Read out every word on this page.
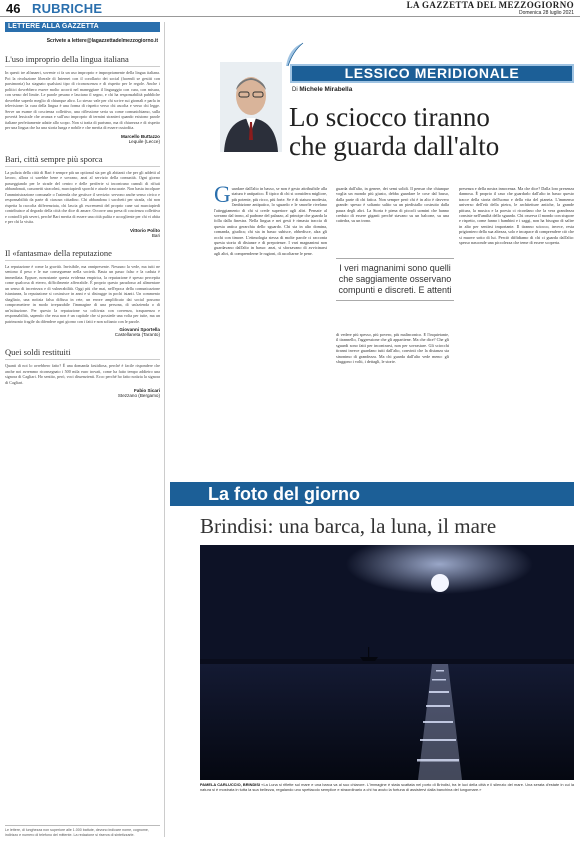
46 RUBRICHE	LA GAZZETTA DEL MEZZOGIORNO
Domenica 28 luglio 2021
LETTERE ALLA GAZZETTA
Scrivete a lettere@lagazzettadelmezzogiorno.it
L'uso improprio della lingua italiana
In questi tre alfanaeri, sovente ci fa un uso improprio e impropriamente della lingua italiana. Poi la rivoluzione liberale di Internet con il corollario dei social (facendi se gestiti con parsimonia) ha stagnato qualsiasi tipo di riconoscenza e di rispetto per le regole. Anche i politici dovrebbero essere molto accorti nel maneggiare il linguaggio con cura, con misura, con senso del limite. Le parole pesano e lasciano il segno, e chi ha responsabilità pubbliche dovrebbe saperlo meglio di chiunque altro. Lo stesso vale per chi scrive sui giornali e parla in televisione: la cura della lingua è una forma di rispetto verso chi ascolta e verso chi legge. Serve un esame di coscienza collettivo, una riflessione seria su come comunichiamo, sulla povertà lessicale che avanza e sull'uso improprio di termini stranieri quando esistono parole italiane perfettamente adatte allo scopo. Non si tratta di purismo, ma di chiarezza e di rispetto per una lingua che ha una storia lunga e nobile e che merita di essere custodita.
Marcello Buttazzo
Lequile (Lecce)
Bari, città sempre più sporca
La pulizia della città di Bari è sempre più un optional sia per gli abitanti che per gli addetti al lavoro, allora ci sarebbe bene e sovrano, anzi al servizio della comunità. Ogni giorno passeggiando per le strade del centro e delle periferie si incontrano cumuli di rifiuti abbandonati, cassonetti stracolmi, marciapiedi sporchi e aiuole trascurate. Non basta incolpare l'amministrazione comunale o l'azienda che gestisce il servizio: servono anche senso civico e responsabilità da parte di ciascun cittadino. Chi abbandona i sacchetti per strada, chi non rispetta la raccolta differenziata, chi lascia gli escrementi del proprio cane sui marciapiedi contribuisce al degrado della città che dice di amare. Occorre una presa di coscienza collettiva e controlli più severi, perché Bari merita di essere una città pulita e accogliente per chi vi abita e per chi la visita.
Vittorio Polito
Bari
Il «fantasma» della reputazione
La reputazione è come la gravità. Invisibile, ma onnipresente. Nessuno la vede, ma tutti ne sentono il peso e le sue conseguenze nella società. Basta un passo falso e la caduta è immediata. Eppure, nonostante questa evidenza empirica, la reputazione è spesso percepita come qualcosa di etereo, difficilmente afferrabile. È proprio questo paradosso ad alimentare un senso di incertezza e di vulnerabilità. Oggi più che mai, nell'epoca della comunicazione istantanea, la reputazione si costruisce in anni e si distrugge in pochi istanti. Un commento sbagliato, una notizia falsa diffusa in rete, un errore amplificato dai social possono compromettere in modo irreparabile l'immagine di una persona, di un'azienda o di un'istituzione. Per questo la reputazione va coltivata con coerenza, trasparenza e responsabilità, sapendo che essa non è un capitale che si possiede una volta per tutte, ma un patrimonio fragile da difendere ogni giorno con i fatti e non soltanto con le parole.
Giovanni Sportella
Castellaneta (Taranto)
Quei soldi restituiti
Quanti di noi lo avrebbero fatto? È una domanda fastidiosa, perché è facile rispondere che anche noi avremmo riconsegnato i 500 mila euro trovati, come ha fatto tempo addietro una signora di Cagliari. Ho sentito, però, voci dissenzienti. Ecco perché ho fatto notizia la signora di Cagliari.
Fabio Sicari
Stezzano (Bergamo)
Le lettere, di lunghezza non superiore alle 1.000 battute, devono indicare nome, cognome, indirizzo e numero di telefono del mittente. La redazione si riserva di sintetizzarle.
LESSICO MERIDIONALE
Di Michele Mirabella
Lo sciocco tiranno
che guarda dall'alto
G uardare dall'alto in basso, se non è gesto attribuibile alla statura è antipatico. È tipico di chi si considera migliore, più potente, più ricco, più forte. Se è di statura modesta, l'ambizione antipatico, lo sguardo e le smorfie rivelano l'atteggiamento di chi si crede superiore agli altri. Pensate al sovrano dal trono, al padrone del palazzo, al principe che guarda la folla dalla finestra. Nella lingua e nei gesti è rimasta traccia di questa antica gerarchia dello sguardo. Chi sta in alto domina, comanda, giudica; chi sta in basso subisce, obbedisce, alza gli occhi con timore. L'etimologia stessa di molte parole ci racconta questa storia di distanze e di prepotenze. I vari magnanimi non guardavano dall'alto in basso: anzi, si sforzavano di avvicinarsi agli altri, di comprenderne le ragioni, di ascoltarne le pene.
guarda dall'alto, in genere, dei semi solidi. Il pensar che chiunque voglia un mondo più giusto, debba guardare le cose dal basso, dalla parte di chi fatica. Non sempre però chi è in alto è davvero grande: spesso è soltanto salito su un piedistallo costruito dalla paura degli altri. La Storia è piena di piccoli uomini che hanno creduto di essere giganti perché stavano su un balcone, su una cattedra, su un trono.
I veri magnanimi sono quelli che saggiamente osservano compunti e discreti. E attenti
di vedere più spesso, più povero, più malinconico. E l'inquietante, il tirannello, l'aggressione che gli appartiene. Ma che dice? Che gli sguardi sono fatti per incontrarsi, non per sovrastare. Gli sciocchi tiranni invece guardano tutti dall'alto, convinti che la distanza sia sinonimo di grandezza. Ma chi guarda dall'alto vede meno: gli sfuggono i volti, i dettagli, le storie.
presenza e della nostra innocenza. Ma che dice? Dalla loro presenza dannosa. È proprio il caso che guardarlo dall'alto in basso questo tracce della storia dell'uomo e della vita del pianeta. L'immenso universo dell'età della pietra, le architetture antiche, la grande pittura, la musica e la poesia ci ricordano che la vera grandezza consiste nell'umiltà dello sguardo. Chi osserva il mondo con stupore e rispetto, come fanno i bambini e i saggi, non ha bisogno di salire in alto per sentirsi importante. Il tiranno sciocco, invece, resta prigioniero della sua altezza, solo e incapace di comprendere ciò che si muove sotto di lui. Perciò diffidiamo di chi ci guarda dall'alto: spesso nasconde una piccolezza che teme di essere scoperta.
La foto del giorno
Brindisi: una barca, la luna, il mare
PAMELA CARLUCCIO, BRINDISI «La Luna si riflette sul mare e una barca va al suo chiarore. L'immagine è stata scattata nel porto di Brindisi, tra le luci della città e il silenzio del mare. Una serata d'estate in cui la natura si è mostrata in tutta la sua bellezza, regalando uno spettacolo semplice e straordinario a chi ha avuto la fortuna di assistervi dalla banchina del lungomare.»
